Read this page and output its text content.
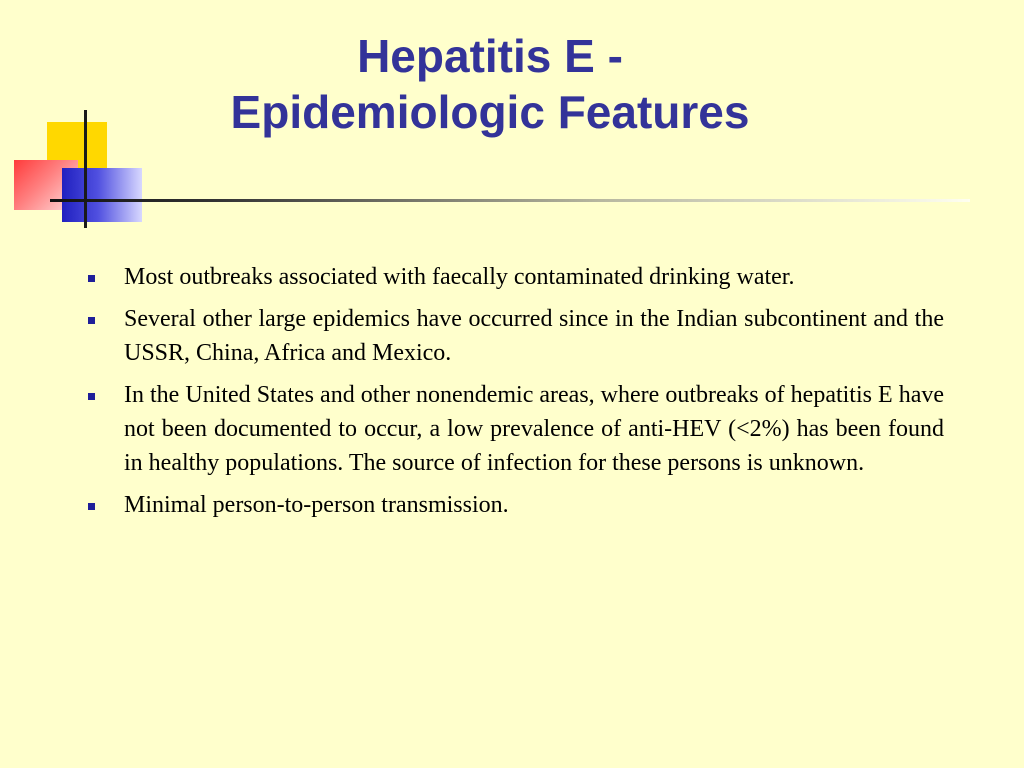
Hepatitis E -
Epidemiologic Features
Most outbreaks associated with faecally contaminated drinking water.
Several other large epidemics have occurred since in the Indian subcontinent and the USSR, China, Africa and Mexico.
In the United States and other nonendemic areas, where outbreaks of hepatitis E have not been documented to occur, a low prevalence of anti-HEV (<2%) has been found in healthy populations. The source of infection for these persons is unknown.
Minimal person-to-person transmission.
